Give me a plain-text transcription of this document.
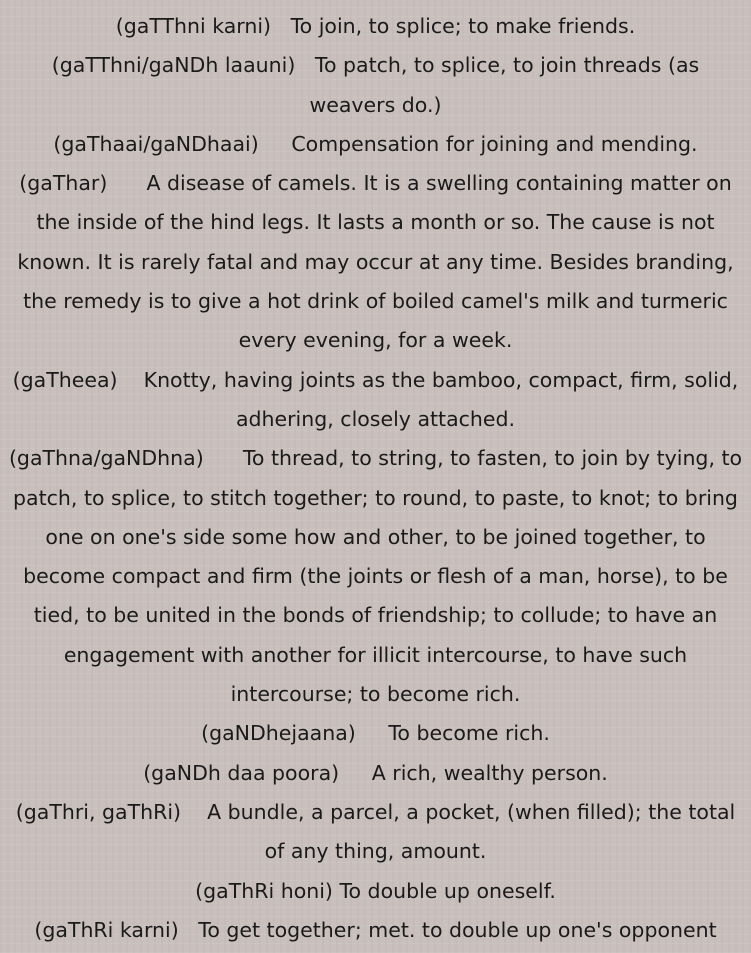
(gaTThni karni) To join, to splice; to make friends.

(gaTThni/gaNDh laauni) To patch, to splice, to join threads (as weavers do.)

(gaThaai/gaNDhaai) Compensation for joining and mending.

(gaThar) A disease of camels. It is a swelling containing matter on the inside of the hind legs. It lasts a month or so. The cause is not known. It is rarely fatal and may occur at any time. Besides branding, the remedy is to give a hot drink of boiled camel's milk and turmeric every evening, for a week.

(gaTheea) Knotty, having joints as the bamboo, compact, firm, solid, adhering, closely attached.

(gaThna/gaNDhna) To thread, to string, to fasten, to join by tying, to patch, to splice, to stitch together; to round, to paste, to knot; to bring one on one's side some how and other, to be joined together, to become compact and firm (the joints or flesh of a man, horse), to be tied, to be united in the bonds of friendship; to collude; to have an engagement with another for illicit intercourse, to have such intercourse; to become rich.

(gaNDhejaana) To become rich.

(gaNDh daa poora) A rich, wealthy person.

(gaThri, gaThRi) A bundle, a parcel, a pocket, (when filled); the total of any thing, amount.

(gaThRi honi) To double up oneself.

(gaThRi karni) To get together; met. to double up one's opponent
